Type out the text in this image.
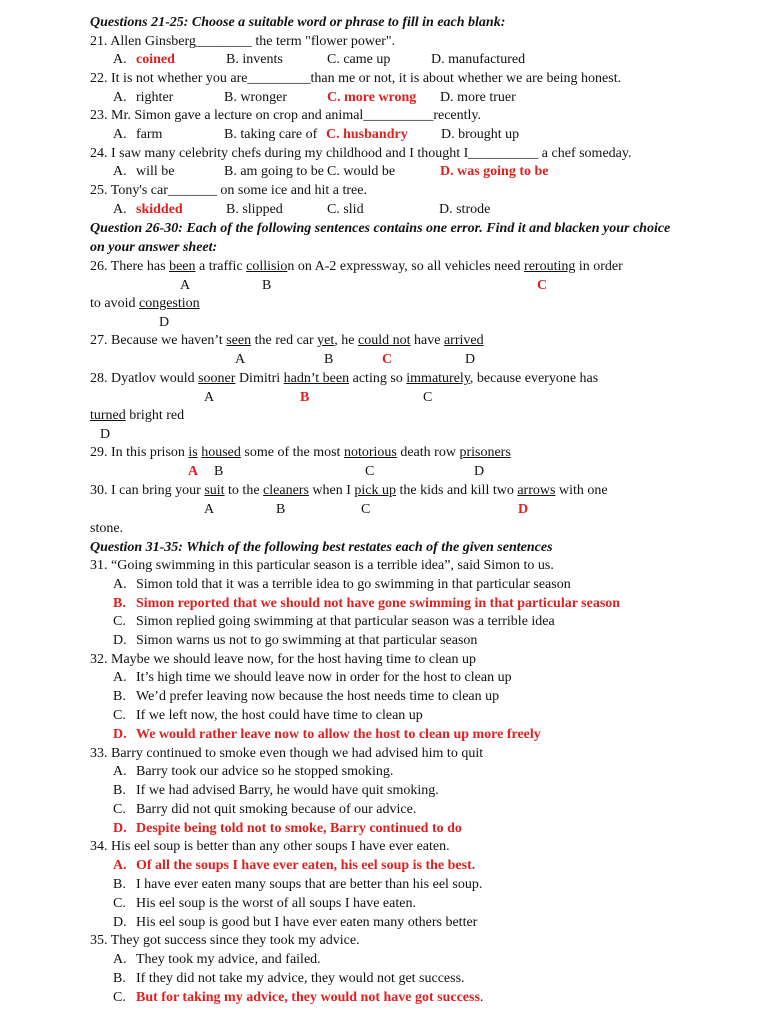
Questions 21-25: Choose a suitable word or phrase to fill in each blank:
21. Allen Ginsberg________ the term "flower power".
A. coined	B. invents	C. came up	D. manufactured
22. It is not whether you are_________than me or not, it is about whether we are being honest.
A. righter	B. wronger	C. more wrong D. more truer
23. Mr. Simon gave a lecture on crop and animal__________recently.
A. farm	B. taking care of C. husbandry D. brought up
24. I saw many celebrity chefs during my childhood and I thought I__________ a chef someday.
A. will be	B. am going to be C. would be	D. was going to be
25. Tony's car_______ on some ice and hit a tree.
A. skidded	B. slipped	C. slid	D. strode
Question 26-30: Each of the following sentences contains one error. Find it and blacken your choice
on your answer sheet:
26. There has been a traffic collision on A-2 expressway, so all vehicles need rerouting in order
A	B	C
to avoid congestion
D
27. Because we haven’t seen the red car yet, he could not have arrived
A	B	C	D
28. Dyatlov would sooner Dimitri hadn’t been acting so immaturely, because everyone has
A	B	C
turned bright red
D
29. In this prison is housed some of the most notorious death row prisoners
A B	C	D
30. I can bring your suit to the cleaners when I pick up the kids and kill two arrows with one
A	B	C	D
stone.
Question 31-35: Which of the following best restates each of the given sentences
31. “Going swimming in this particular season is a terrible idea”, said Simon to us.
A. Simon told that it was a terrible idea to go swimming in that particular season
B. Simon reported that we should not have gone swimming in that particular season
C. Simon replied going swimming at that particular season was a terrible idea
D. Simon warns us not to go swimming at that particular season
32. Maybe we should leave now, for the host having time to clean up
A. It’s high time we should leave now in order for the host to clean up
B. We’d prefer leaving now because the host needs time to clean up
C. If we left now, the host could have time to clean up
D. We would rather leave now to allow the host to clean up more freely
33. Barry continued to smoke even though we had advised him to quit
A. Barry took our advice so he stopped smoking.
B. If we had advised Barry, he would have quit smoking.
C. Barry did not quit smoking because of our advice.
D. Despite being told not to smoke, Barry continued to do
34. His eel soup is better than any other soups I have ever eaten.
A. Of all the soups I have ever eaten, his eel soup is the best.
B. I have ever eaten many soups that are better than his eel soup.
C. His eel soup is the worst of all soups I have eaten.
D. His eel soup is good but I have ever eaten many others better
35. They got success since they took my advice.
A. They took my advice, and failed.
B. If they did not take my advice, they would not get success.
C. But for taking my advice, they would not have got success.
